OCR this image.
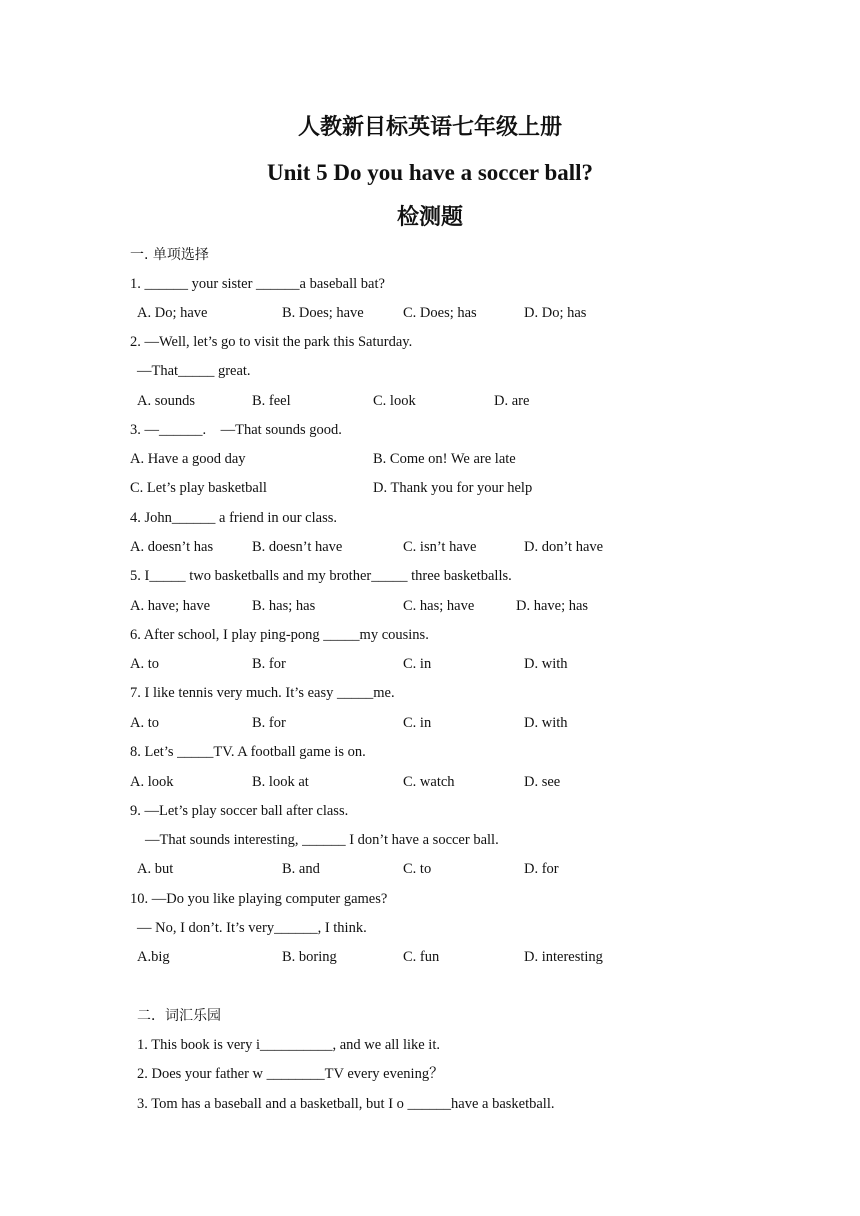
人教新目标英语七年级上册
Unit 5 Do you have a soccer ball?
检测题
一. 单项选择
1. ______ your sister ______a baseball bat?
A. Do; have	B. Does; have	C. Does; has	D. Do; has
2. —Well, let’s go to visit the park this Saturday.
—That_____ great.
A. sounds	B. feel	C. look	D. are
3. —______.    —That sounds good.
A. Have a good day	B. Come on! We are late
C. Let’s play basketball	D. Thank you for your help
4. John______ a friend in our class.
A. doesn’t has	B. doesn’t have	C. isn’t have	D. don’t have
5. I_____ two basketballs and my brother_____ three basketballs.
A. have; have	B. has; has	C. has; have	D. have; has
6. After school, I play ping-pong _____my cousins.
A. to	B. for	C. in	D. with
7. I like tennis very much. It’s easy _____me.
A. to	B. for	C. in	D. with
8. Let’s _____TV. A football game is on.
A. look	B. look at	C. watch	D. see
9. —Let’s play soccer ball after class.
—That sounds interesting, ______ I don’t have a soccer ball.
A. but	B. and	C. to	D. for
10. —Do you like playing computer games?
— No, I don’t. It’s very______, I think.
A.big	B. boring	C. fun	D. interesting
二．词汇乐园
1. This book is very i__________, and we all like it.
2. Does your father w ________TV every evening？
3. Tom has a baseball and a basketball, but I o ______have a basketball.
